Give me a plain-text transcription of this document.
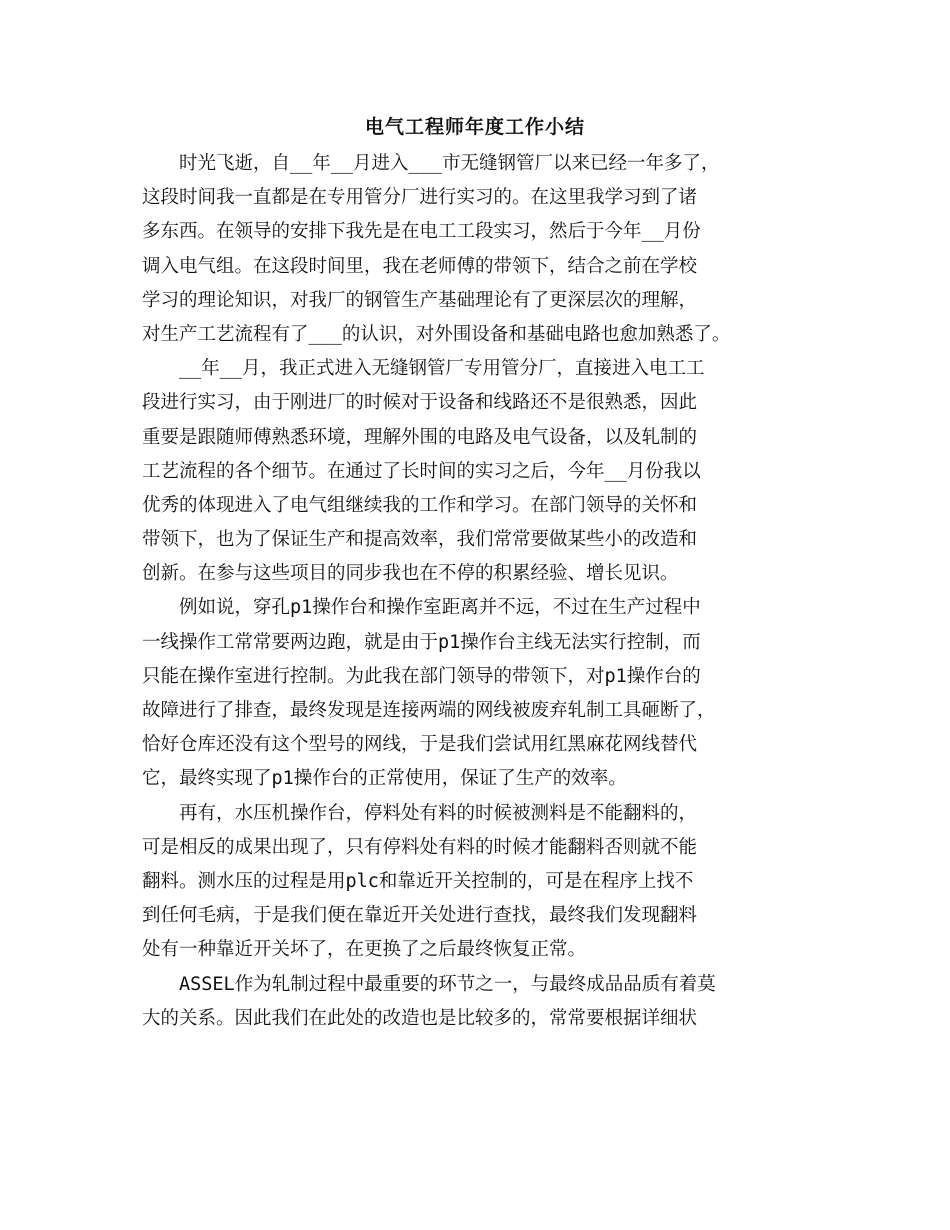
电气工程师年度工作小结
　　时光飞逝，自__年__月进入___市无缝钢管厂以来已经一年多了，
这段时间我一直都是在专用管分厂进行实习的。在这里我学习到了诸
多东西。在领导的安排下我先是在电工工段实习，然后于今年__月份
调入电气组。在这段时间里，我在老师傅的带领下，结合之前在学校
学习的理论知识，对我厂的钢管生产基础理论有了更深层次的理解，
对生产工艺流程有了___的认识，对外围设备和基础电路也愈加熟悉了。
　　__年__月，我正式进入无缝钢管厂专用管分厂，直接进入电工工
段进行实习，由于刚进厂的时候对于设备和线路还不是很熟悉，因此
重要是跟随师傅熟悉环境，理解外围的电路及电气设备，以及轧制的
工艺流程的各个细节。在通过了长时间的实习之后，今年__月份我以
优秀的体现进入了电气组继续我的工作和学习。在部门领导的关怀和
带领下，也为了保证生产和提高效率，我们常常要做某些小的改造和
创新。在参与这些项目的同步我也在不停的积累经验、增长见识。
　　例如说，穿孔p1操作台和操作室距离并不远，不过在生产过程中
一线操作工常常要两边跑，就是由于p1操作台主线无法实行控制，而
只能在操作室进行控制。为此我在部门领导的带领下，对p1操作台的
故障进行了排查，最终发现是连接两端的网线被废弃轧制工具砸断了，
恰好仓库还没有这个型号的网线，于是我们尝试用红黑麻花网线替代
它，最终实现了p1操作台的正常使用，保证了生产的效率。
　　再有，水压机操作台，停料处有料的时候被测料是不能翻料的，
可是相反的成果出现了，只有停料处有料的时候才能翻料否则就不能
翻料。测水压的过程是用plc和靠近开关控制的，可是在程序上找不
到任何毛病，于是我们便在靠近开关处进行查找，最终我们发现翻料
处有一种靠近开关坏了，在更换了之后最终恢复正常。
　　ASSEL作为轧制过程中最重要的环节之一，与最终成品品质有着莫
大的关系。因此我们在此处的改造也是比较多的，常常要根据详细状
